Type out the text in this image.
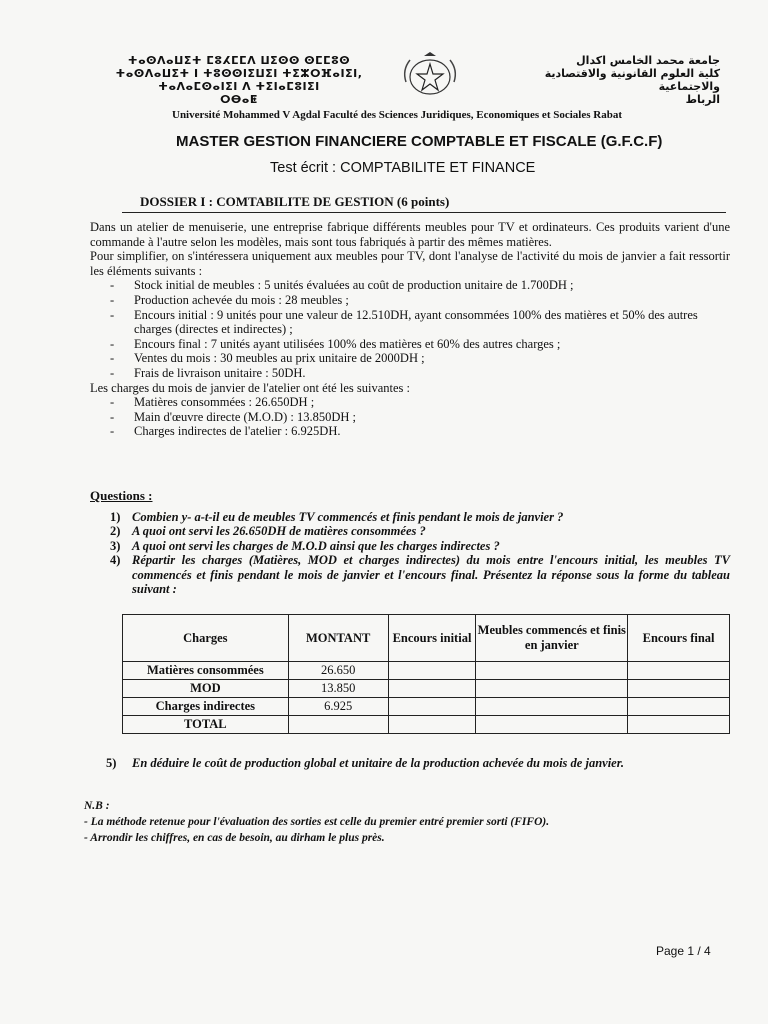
ⵜⴰⵙⴷⴰⵡⵉⵜ ⵎⵓⵃⵎⵎⴷ ⵡⵉⵙⵙ ⵙⵎⵎⵓⵙ
ⵜⴰⵙⴷⴰⵡⵉⵜ ⵏ ⵜⵓⵙⵙⵏⵉⵡⵉⵏ ⵜⵉⵣⵔⴼⴰⵏⵉⵏ,
ⵜⴰⴷⴰⵎⵙⴰⵏⵉⵏ ⴷ ⵜⵉⵏⴰⵎⵓⵏⵉⵏ
ⵔⴱⴰⵟ
جامعة محمد الخامس اكدال
كلية العلوم القانونية والاقتصادية والاجتماعية
الرباط
Université Mohammed V Agdal Faculté des Sciences Juridiques, Economiques et Sociales Rabat
MASTER GESTION FINANCIERE COMPTABLE ET FISCALE (G.F.C.F)
Test écrit : COMPTABILITE ET FINANCE
DOSSIER I : COMTABILITE DE GESTION (6 points)

Dans un atelier de menuiserie, une entreprise fabrique différents meubles pour TV et ordinateurs. Ces produits varient d'une commande à l'autre selon les modèles, mais sont tous fabriqués à partir des mêmes matières.

Pour simplifier, on s'intéressera uniquement aux meubles pour TV, dont l'analyse de l'activité du mois de janvier a fait ressortir les éléments suivants :

- Stock initial de meubles : 5 unités évaluées au coût de production unitaire de 1.700DH ;
- Production achevée du mois : 28 meubles ;
- Encours initial : 9 unités pour une valeur de 12.510DH, ayant consommées 100% des matières et 50% des autres charges (directes et indirectes) ;
- Encours final : 7 unités ayant utilisées 100% des matières et 60% des autres charges ;
- Ventes du mois : 30 meubles au prix unitaire de 2000DH ;
- Frais de livraison unitaire : 50DH.

Les charges du mois de janvier de l'atelier ont été les suivantes :

- Matières consommées : 26.650DH ;
- Main d'œuvre directe (M.O.D) : 13.850DH ;
- Charges indirectes de l'atelier : 6.925DH.
Questions :
1) Combien y- a-t-il eu de meubles TV commencés et finis pendant le mois de janvier ?
2) A quoi ont servi les 26.650DH de matières consommées ?
3) A quoi ont servi les charges de M.O.D ainsi que les charges indirectes ?
4) Répartir les charges (Matières, MOD et charges indirectes) du mois entre l'encours initial, les meubles TV commencés et finis pendant le mois de janvier et l'encours final. Présentez la réponse sous la forme du tableau suivant :
Charges	MONTANT	Encours initial	Meubles commencés et finis en janvier	Encours final
Matières consommées	26.650			
MOD	13.850			
Charges indirectes	6.925			
TOTAL				
5) En déduire le coût de production global et unitaire de la production achevée du mois de janvier.
N.B :
- La méthode retenue pour l'évaluation des sorties est celle du premier entré premier sorti (FIFO).
- Arrondir les chiffres, en cas de besoin, au dirham le plus près.
Page 1 / 4
